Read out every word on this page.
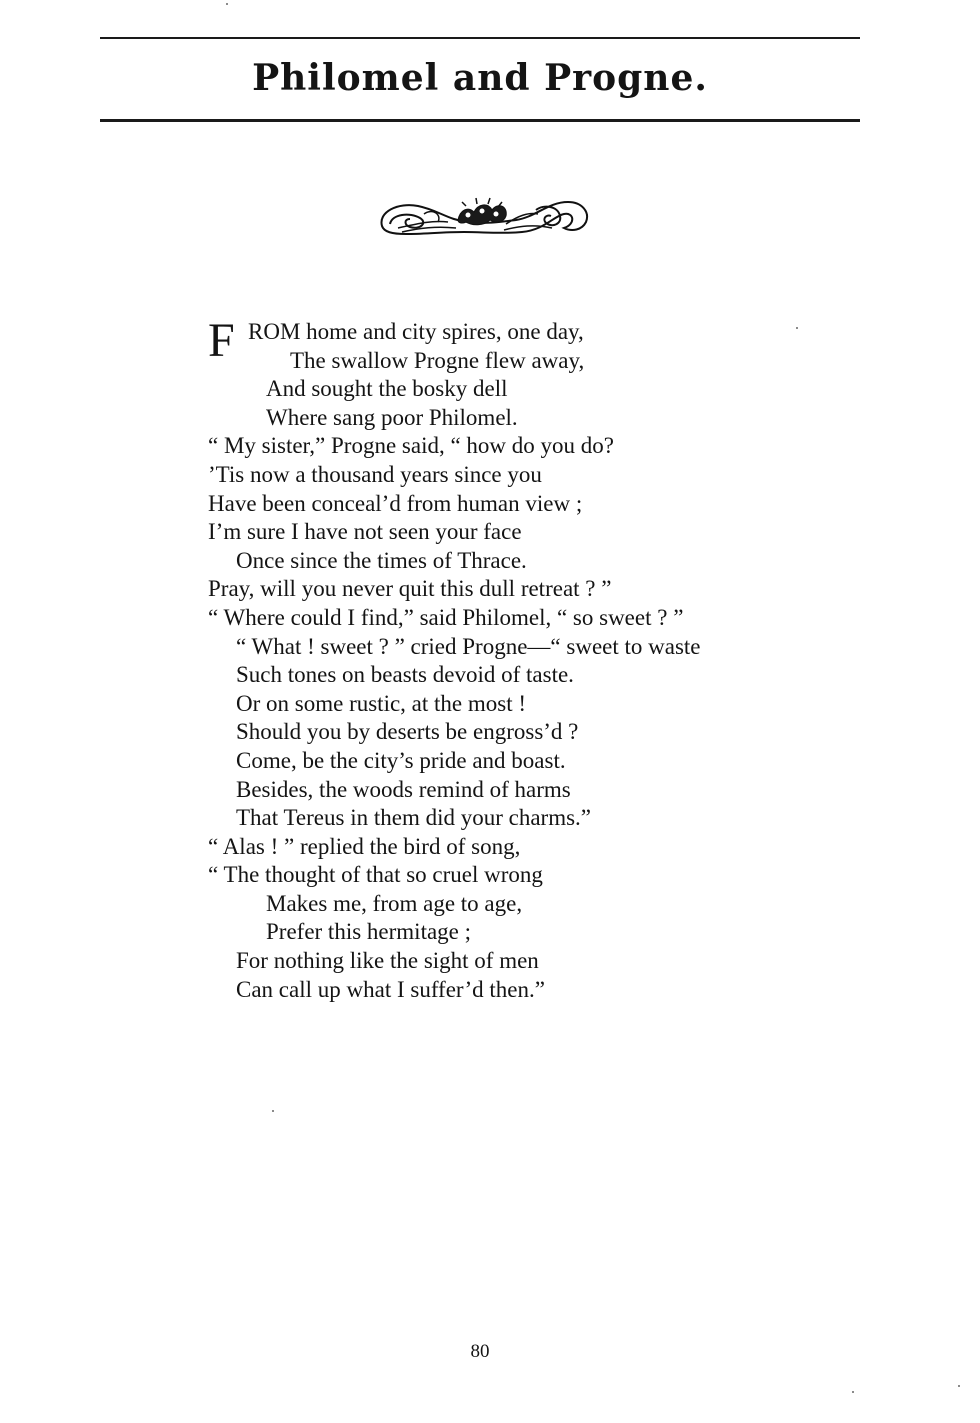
Philomel and Progne.
F ROM home and city spires, one day,
The swallow Progne flew away,
And sought the bosky dell
Where sang poor Philomel.
“ My sister,” Progne said, “ how do you do?
’Tis now a thousand years since you
Have been conceal’d from human view ;
I’m sure I have not seen your face
Once since the times of Thrace.
Pray, will you never quit this dull retreat ? ”
“ Where could I find,” said Philomel, “ so sweet ? ”
“ What ! sweet ? ” cried Progne—“ sweet to waste
Such tones on beasts devoid of taste.
Or on some rustic, at the most !
Should you by deserts be engross’d ?
Come, be the city’s pride and boast.
Besides, the woods remind of harms
That Tereus in them did your charms.”
“ Alas ! ” replied the bird of song,
“ The thought of that so cruel wrong
Makes me, from age to age,
Prefer this hermitage ;
For nothing like the sight of men
Can call up what I suffer’d then.”
80
